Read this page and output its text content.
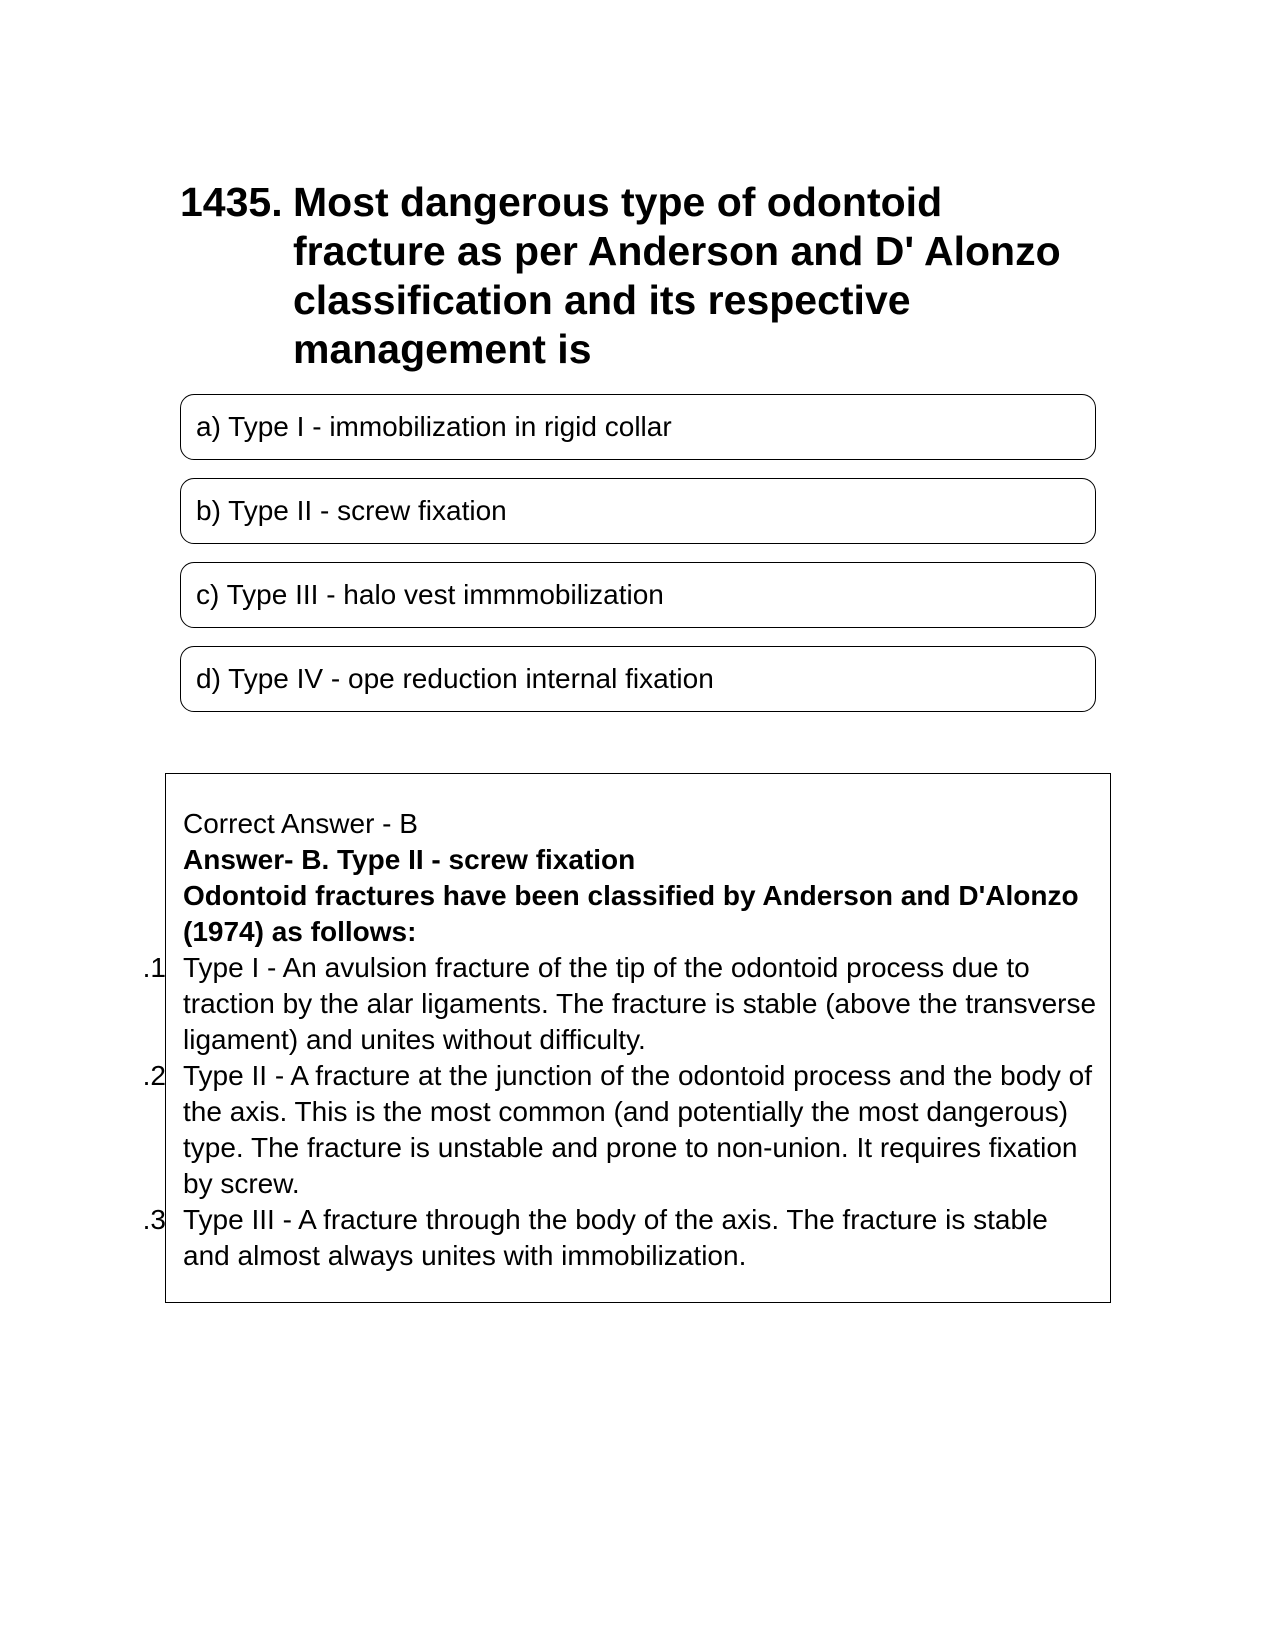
1435. Most dangerous type of odontoid fracture as per Anderson and D' Alonzo classification and its respective management is
a) Type I - immobilization in rigid collar
b) Type II - screw fixation
c) Type III - halo vest immmobilization
d) Type IV - ope reduction internal fixation

Correct Answer - B

Answer- B. Type II - screw fixation

Odontoid fractures have been classified by Anderson and D'Alonzo (1974) as follows:

1. Type I - An avulsion fracture of the tip of the odontoid process due to traction by the alar ligaments. The fracture is stable (above the transverse ligament) and unites without difficulty.

2. Type II - A fracture at the junction of the odontoid process and the body of the axis. This is the most common (and potentially the most dangerous) type. The fracture is unstable and prone to non-union. It requires fixation by screw.

3. Type III - A fracture through the body of the axis. The fracture is stable and almost always unites with immobilization.
